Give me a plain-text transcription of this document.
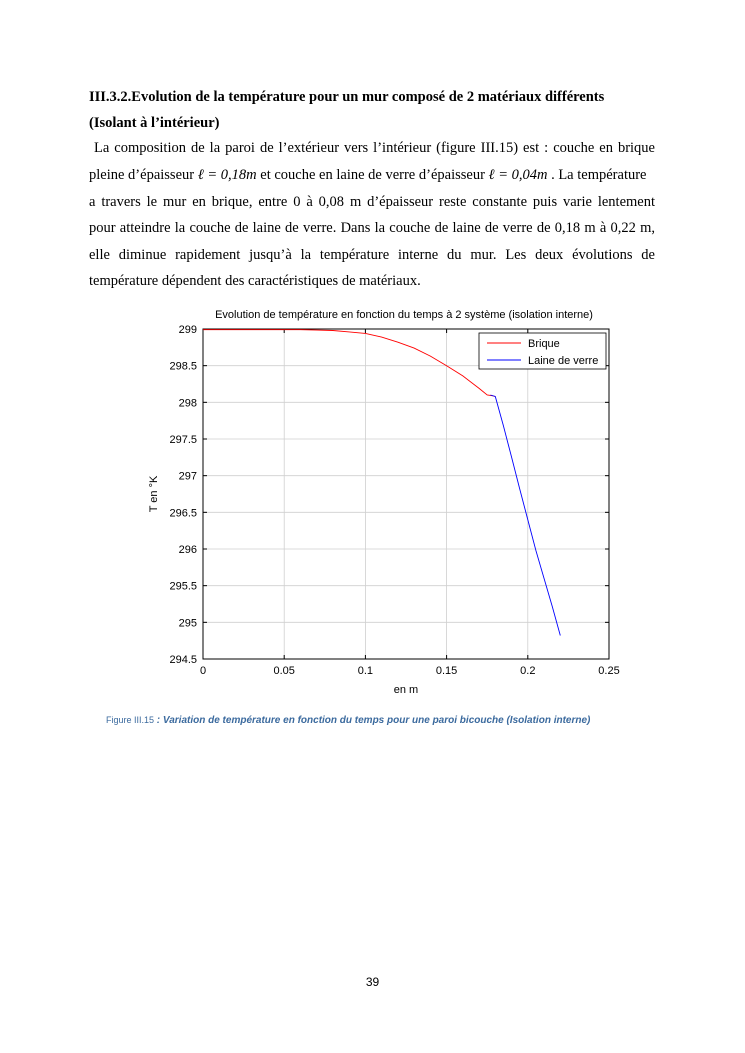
III.3.2.Evolution de la température pour un mur composé de 2 matériaux différents
(Isolant à l’intérieur)
La composition de la paroi de l’extérieur vers l’intérieur (figure III.15) est : couche en brique
pleine d’épaisseur ℓ = 0,18m et couche en laine de verre d’épaisseur ℓ = 0,04m . La température
a travers le mur en brique, entre 0 à 0,08 m d’épaisseur reste constante puis varie lentement
pour atteindre la couche de laine de verre. Dans la couche de laine de verre de 0,18 m à 0,22 m,
elle diminue rapidement jusqu’à la température interne du mur. Les deux évolutions de
température dépendent des caractéristiques de matériaux.
Evolution de température en fonction du temps à 2 système (isolation interne)
0	0.05	0.1	0.15	0.2	0.25
294.5
295
295.5
296
296.5
297
297.5
298
298.5
299
Brique
Laine de verre
en m
T en °K
Figure III.15 : Variation de température en fonction du temps pour une paroi bicouche (Isolation interne)
39
